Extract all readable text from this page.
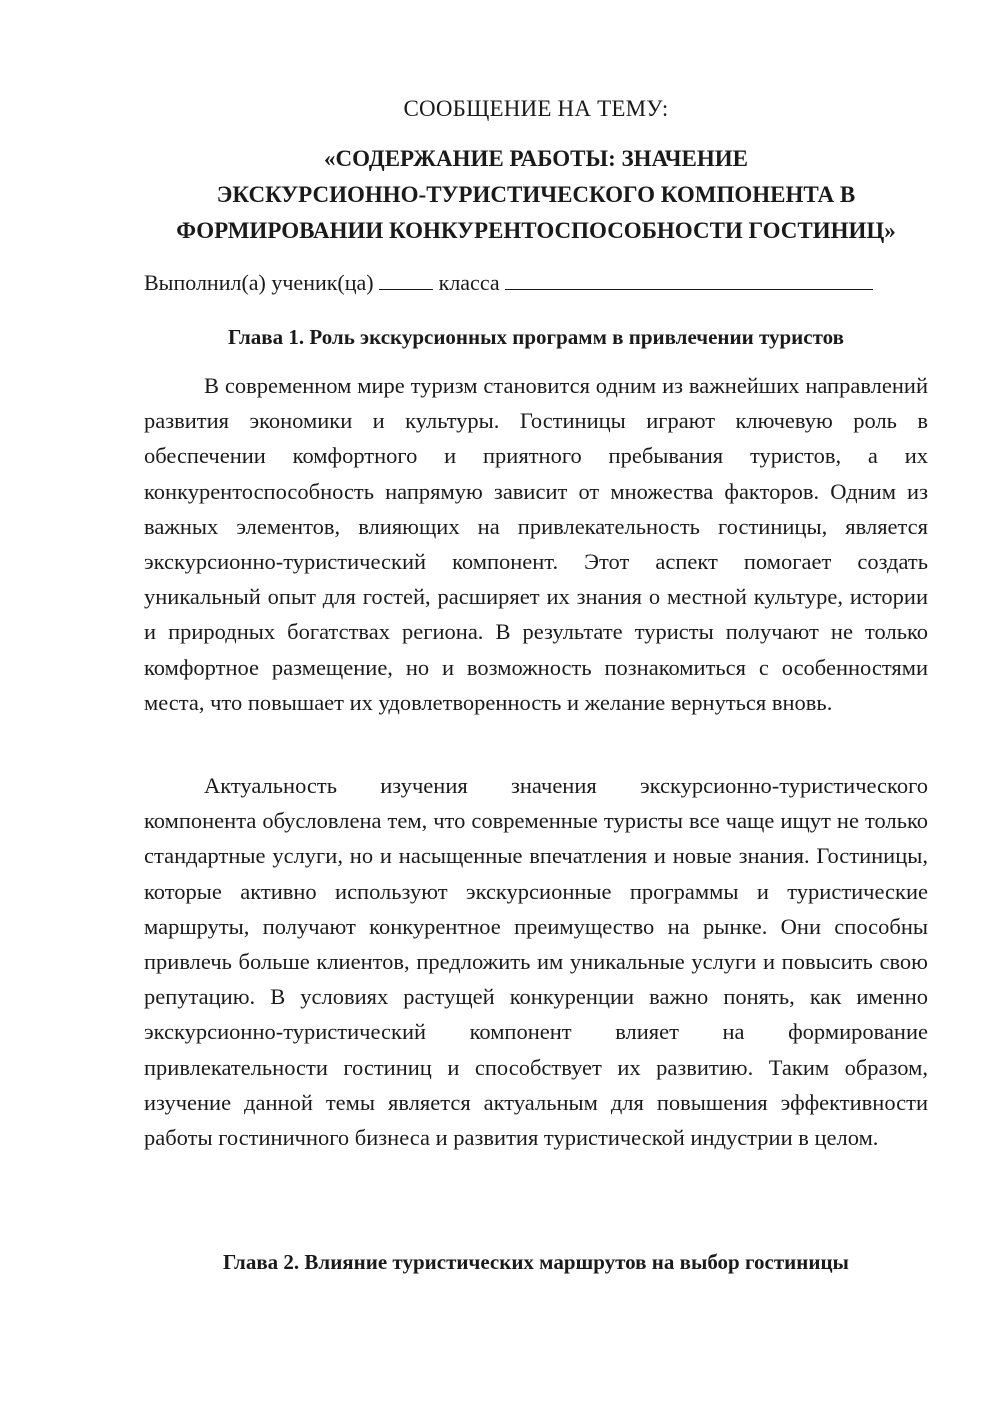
СООБЩЕНИЕ НА ТЕМУ:
«СОДЕРЖАНИЕ РАБОТЫ: ЗНАЧЕНИЕ
ЭКСКУРСИОННО-ТУРИСТИЧЕСКОГО КОМПОНЕНТА В
ФОРМИРОВАНИИ КОНКУРЕНТОСПОСОБНОСТИ ГОСТИНИЦ»
Выполнил(а) ученик(ца)	класса
Глава 1. Роль экскурсионных программ в привлечении туристов
В современном мире туризм становится одним из важнейших направлений развития экономики и культуры. Гостиницы играют ключевую роль в обеспечении комфортного и приятного пребывания туристов, а их конкурентоспособность напрямую зависит от множества факторов. Одним из важных элементов, влияющих на привлекательность гостиницы, является экскурсионно-туристический компонент. Этот аспект помогает создать уникальный опыт для гостей, расширяет их знания о местной культуре, истории и природных богатствах региона. В результате туристы получают не только комфортное размещение, но и возможность познакомиться с особенностями места, что повышает их удовлетворенность и желание вернуться вновь.
Актуальность изучения значения экскурсионно-туристического компонента обусловлена тем, что современные туристы все чаще ищут не только стандартные услуги, но и насыщенные впечатления и новые знания. Гостиницы, которые активно используют экскурсионные программы и туристические маршруты, получают конкурентное преимущество на рынке. Они способны привлечь больше клиентов, предложить им уникальные услуги и повысить свою репутацию. В условиях растущей конкуренции важно понять, как именно экскурсионно-туристический компонент влияет на формирование привлекательности гостиниц и способствует их развитию. Таким образом, изучение данной темы является актуальным для повышения эффективности работы гостиничного бизнеса и развития туристической индустрии в целом.
Глава 2. Влияние туристических маршрутов на выбор гостиницы
